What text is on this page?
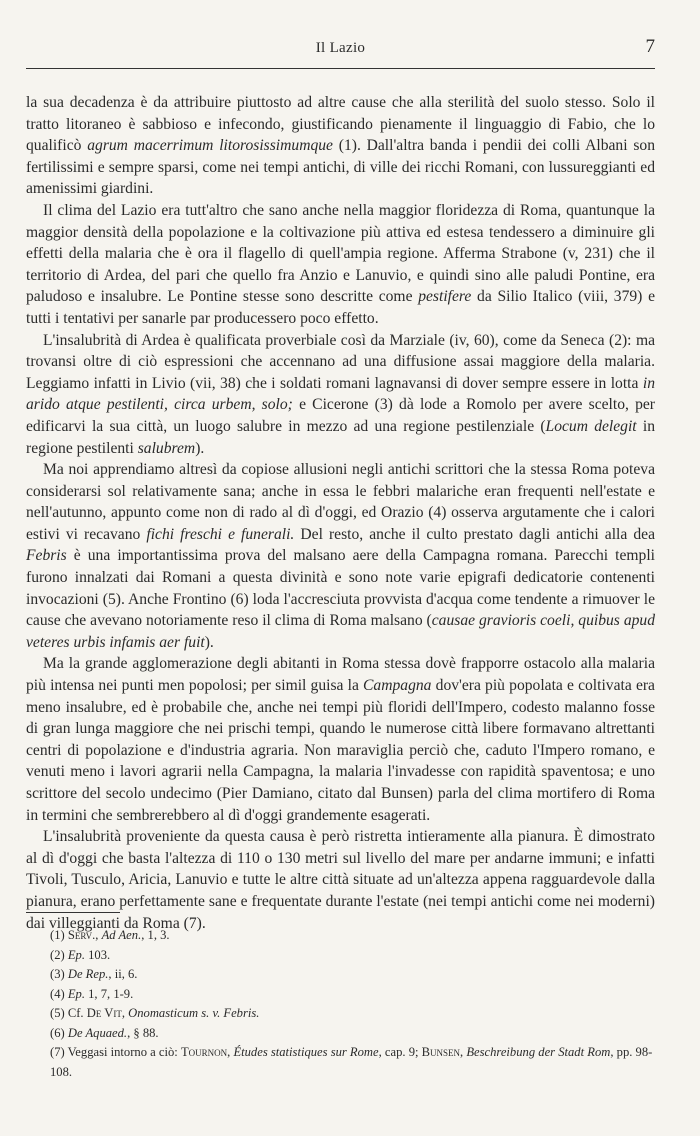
Il Lazio	7

la sua decadenza è da attribuire piuttosto ad altre cause che alla sterilità del suolo stesso. Solo il tratto litoraneo è sabbioso e infecondo, giustificando pienamente il linguaggio di Fabio, che lo qualificò agrum macerrimum litorosissimumque (1). Dall'altra banda i pendii dei colli Albani son fertilissimi e sempre sparsi, come nei tempi antichi, di ville dei ricchi Romani, con lussureggianti ed amenissimi giardini.

Il clima del Lazio era tutt'altro che sano anche nella maggior floridezza di Roma, quantunque la maggior densità della popolazione e la coltivazione più attiva ed estesa tendessero a diminuire gli effetti della malaria che è ora il flagello di quell'ampia regione. Afferma Strabone (v, 231) che il territorio di Ardea, del pari che quello fra Anzio e Lanuvio, e quindi sino alle paludi Pontine, era paludoso e insalubre. Le Pontine stesse sono descritte come pestifere da Silio Italico (viii, 379) e tutti i tentativi per sanarle par producessero poco effetto.

L'insalubrità di Ardea è qualificata proverbiale così da Marziale (iv, 60), come da Seneca (2): ma trovansi oltre di ciò espressioni che accennano ad una diffusione assai maggiore della malaria. Leggiamo infatti in Livio (vii, 38) che i soldati romani lagnavansi di dover sempre essere in lotta in arido atque pestilenti, circa urbem, solo; e Cicerone (3) dà lode a Romolo per avere scelto, per edificarvi la sua città, un luogo salubre in mezzo ad una regione pestilenziale (Locum delegit in regione pestilenti salubrem).

Ma noi apprendiamo altresì da copiose allusioni negli antichi scrittori che la stessa Roma poteva considerarsi sol relativamente sana; anche in essa le febbri malariche eran frequenti nell'estate e nell'autunno, appunto come non di rado al dì d'oggi, ed Orazio (4) osserva argutamente che i calori estivi vi recavano fichi freschi e funerali. Del resto, anche il culto prestato dagli antichi alla dea Febris è una importantissima prova del malsano aere della Campagna romana. Parecchi templi furono innalzati dai Romani a questa divinità e sono note varie epigrafi dedicatorie contenenti invocazioni (5). Anche Frontino (6) loda l'accresciuta provvista d'acqua come tendente a rimuover le cause che avevano notoriamente reso il clima di Roma malsano (causae gravioris coeli, quibus apud veteres urbis infamis aer fuit).

Ma la grande agglomerazione degli abitanti in Roma stessa dovè frapporre ostacolo alla malaria più intensa nei punti men popolosi; per simil guisa la Campagna dov'era più popolata e coltivata era meno insalubre, ed è probabile che, anche nei tempi più floridi dell'Impero, codesto malanno fosse di gran lunga maggiore che nei prischi tempi, quando le numerose città libere formavano altrettanti centri di popolazione e d'industria agraria. Non maraviglia perciò che, caduto l'Impero romano, e venuti meno i lavori agrarii nella Campagna, la malaria l'invadesse con rapidità spaventosa; e uno scrittore del secolo undecimo (Pier Damiano, citato dal Bunsen) parla del clima mortifero di Roma in termini che sembrerebbero al dì d'oggi grandemente esagerati.

L'insalubrità proveniente da questa causa è però ristretta intieramente alla pianura. È dimostrato al dì d'oggi che basta l'altezza di 110 o 130 metri sul livello del mare per andarne immuni; e infatti Tivoli, Tusculo, Aricia, Lanuvio e tutte le altre città situate ad un'altezza appena ragguardevole dalla pianura, erano perfettamente sane e frequentate durante l'estate (nei tempi antichi come nei moderni) dai villeggianti da Roma (7).

(1) Serv., Ad Aen., 1, 3.

(2) Ep. 103.

(3) De Rep., ii, 6.

(4) Ep. 1, 7, 1-9.

(5) Cf. De Vit, Onomasticum s. v. Febris.

(6) De Aquaed., § 88.

(7) Veggasi intorno a ciò: Tournon, Études statistiques sur Rome, cap. 9; Bunsen, Beschreibung der Stadt Rom, pp. 98-108.
